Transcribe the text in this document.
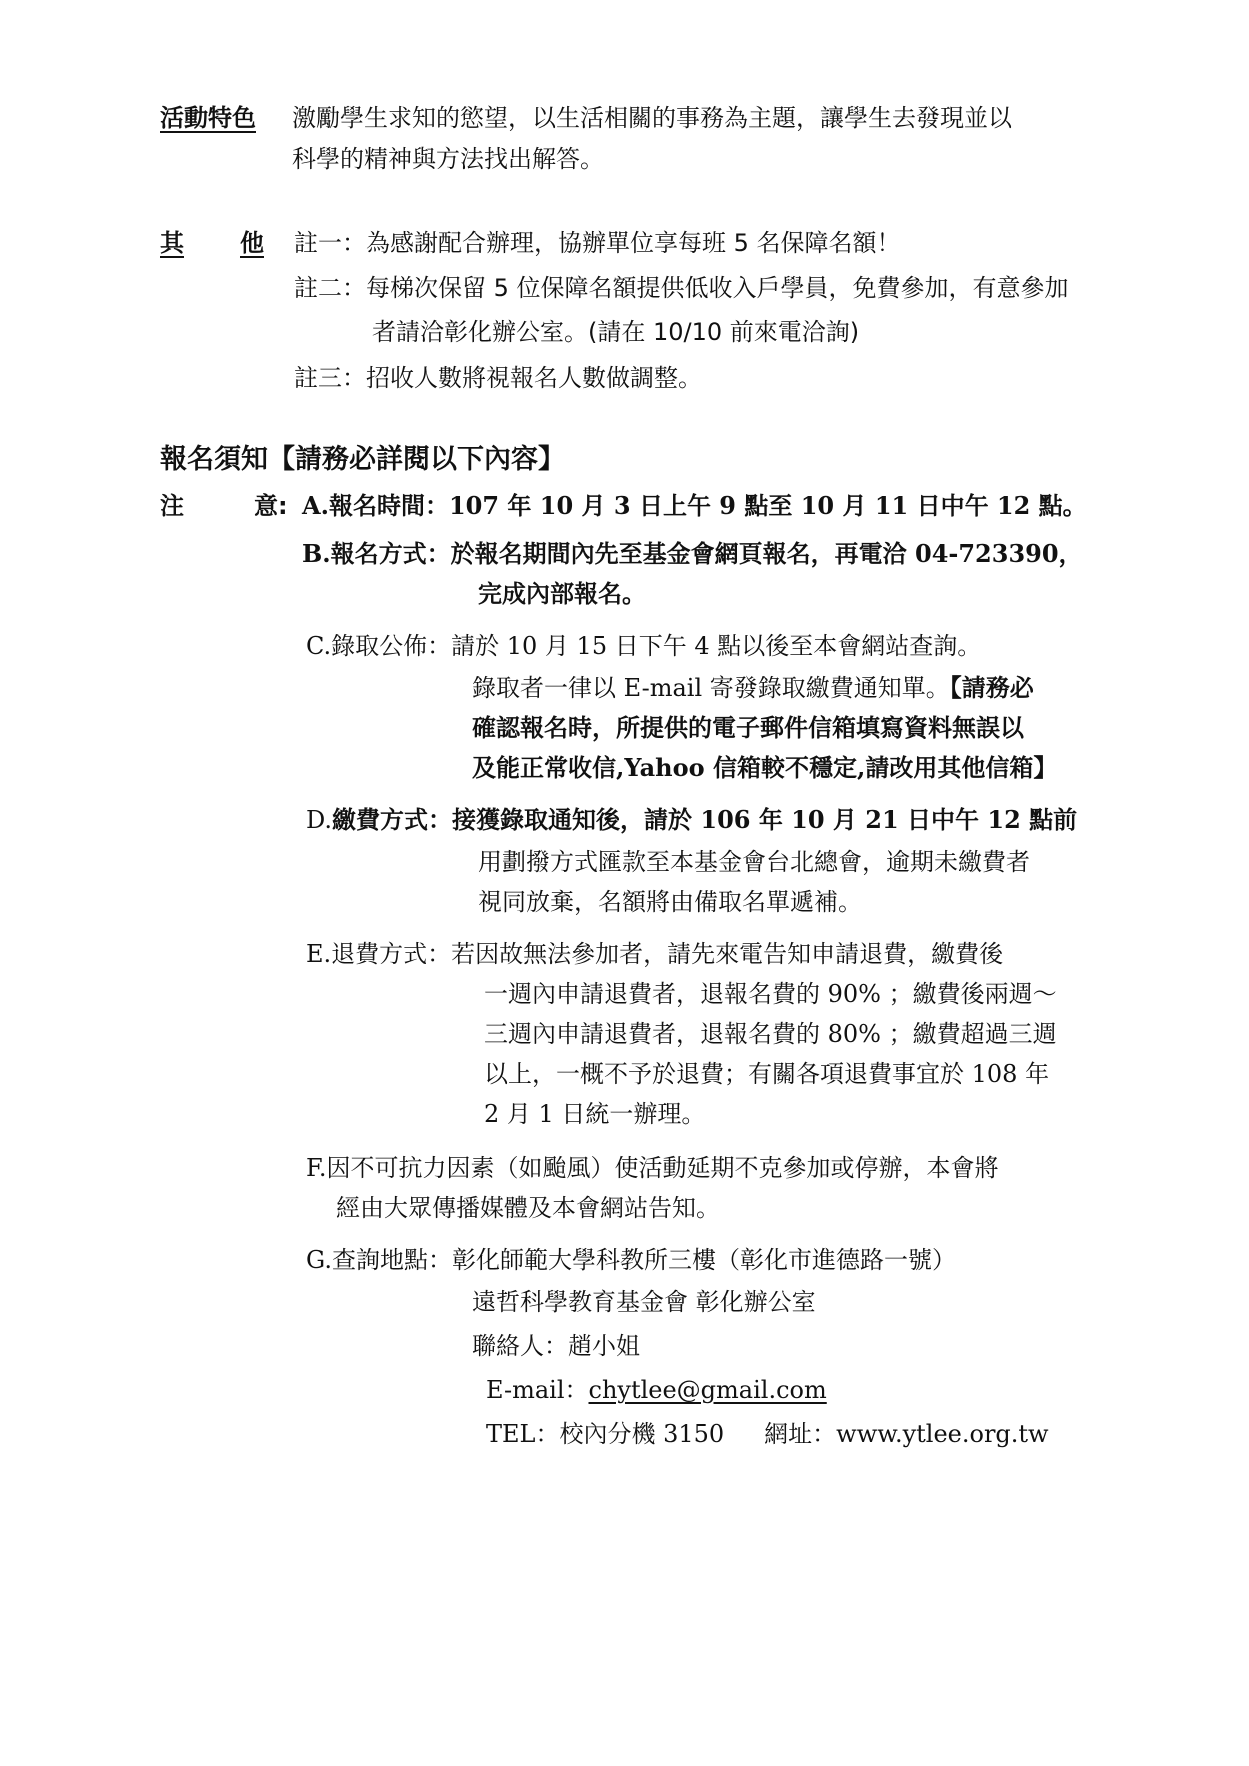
活動特色 激勵學生求知的慾望，以生活相關的事務為主題，讓學生去發現並以
科學的精神與方法找出解答。
其 他 註一：為感謝配合辦理，協辦單位享每班 5 名保障名額！
註二：每梯次保留 5 位保障名額提供低收入戶學員，免費參加，有意參加
者請洽彰化辦公室。(請在 10/10 前來電洽詢)
註三：招收人數將視報名人數做調整。
報名須知【請務必詳閱以下內容】
注	意: A.報名時間：107 年 10 月 3 日上午 9 點至 10 月 11 日中午 12 點。
B.報名方式：於報名期間內先至基金會網頁報名，再電洽 04-723390，
完成內部報名。
C.錄取公佈：請於 10 月 15 日下午 4 點以後至本會網站查詢。
錄取者一律以 E-mail 寄發錄取繳費通知單。【請務必
確認報名時，所提供的電子郵件信箱填寫資料無誤以
及能正常收信,Yahoo 信箱較不穩定,請改用其他信箱】
D.繳費方式：接獲錄取通知後，請於 106 年 10 月 21 日中午 12 點前
用劃撥方式匯款至本基金會台北總會，逾期未繳費者
視同放棄，名額將由備取名單遞補。
E.退費方式：若因故無法參加者，請先來電告知申請退費，繳費後
一週內申請退費者，退報名費的 90% ；繳費後兩週～
三週內申請退費者，退報名費的 80% ；繳費超過三週
以上，一概不予於退費；有關各項退費事宜於 108 年
2 月 1 日統一辦理。
F.因不可抗力因素（如颱風）使活動延期不克參加或停辦，本會將
經由大眾傳播媒體及本會網站告知。
G.查詢地點：彰化師範大學科教所三樓（彰化市進德路一號）
遠哲科學教育基金會 彰化辦公室
聯絡人：趙小姐
E-mail：chytlee@gmail.com
TEL：校內分機 3150 網址：www.ytlee.org.tw
